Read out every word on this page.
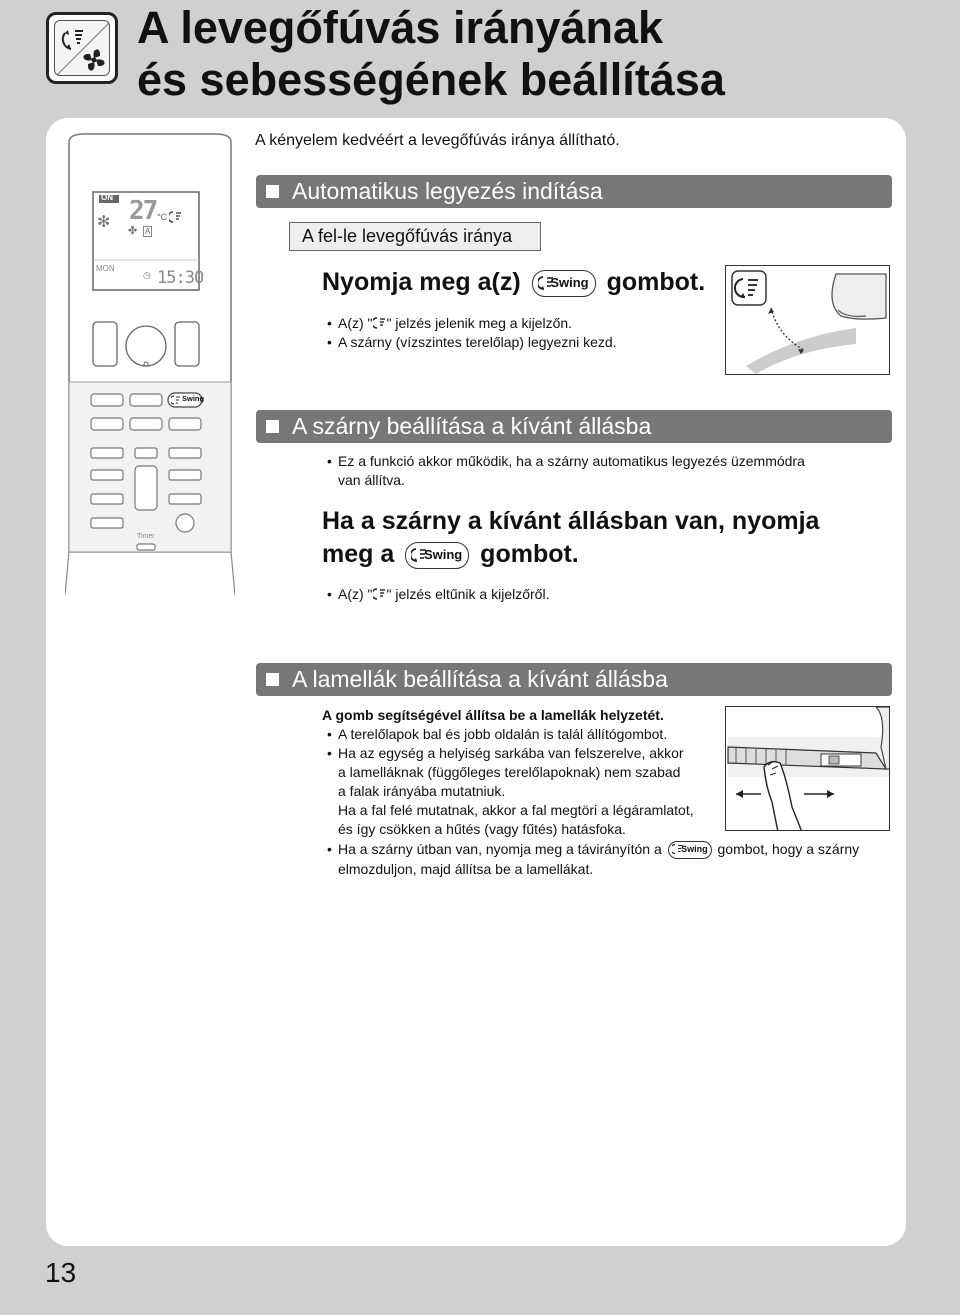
A levegőfúvás irányának
és sebességének beállítása
ON
✻ 27 °C
✤ A
MON
◷ 15:30
Swing
Timer
A kényelem kedvéért a levegőfúvás iránya állítható.
Automatikus legyezés indítása
A fel-le levegőfúvás iránya
Nyomja meg a(z) Swing gombot.
• A(z) " " jelzés jelenik meg a kijelzőn.
• A szárny (vízszintes terelőlap) legyezni kezd.
A szárny beállítása a kívánt állásba
• Ez a funkció akkor működik, ha a szárny automatikus legyezés üzemmódra
van állítva.
Ha a szárny a kívánt állásban van, nyomja
meg a Swing gombot.
• A(z) " " jelzés eltűnik a kijelzőről.
A lamellák beállítása a kívánt állásba
A gomb segítségével állítsa be a lamellák helyzetét.
• A terelőlapok bal és jobb oldalán is talál állítógombot.
• Ha az egység a helyiség sarkába van felszerelve, akkor
a lamelláknak (függőleges terelőlapoknak) nem szabad
a falak irányába mutatniuk.
Ha a fal felé mutatnak, akkor a fal megtöri a légáramlatot,
és így csökken a hűtés (vagy fűtés) hatásfoka.
• Ha a szárny útban van, nyomja meg a távirányítón a Swing gombot, hogy a szárny
elmozduljon, majd állítsa be a lamellákat.
13
